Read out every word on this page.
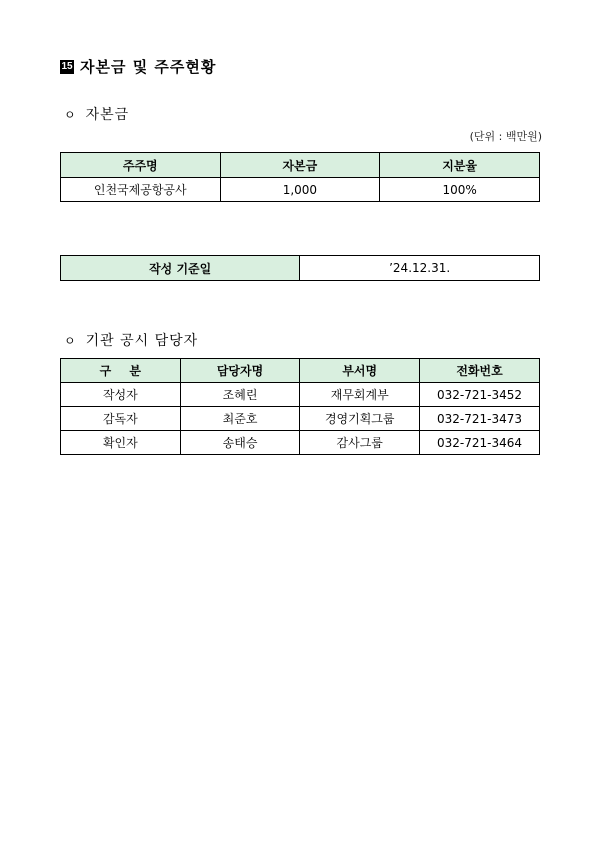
15 자본금 및 주주현황
ㅇ 자본금
(단위 : 백만원)
주주명	자본금	지분율
인천국제공항공사	1,000	100%
작성 기준일	’24.12.31.
ㅇ 기관 공시 담당자
구 분	담당자명	부서명	전화번호
작성자	조혜린	재무회계부	032-721-3452
감독자	최준호	경영기획그룹	032-721-3473
확인자	송태승	감사그룹	032-721-3464
